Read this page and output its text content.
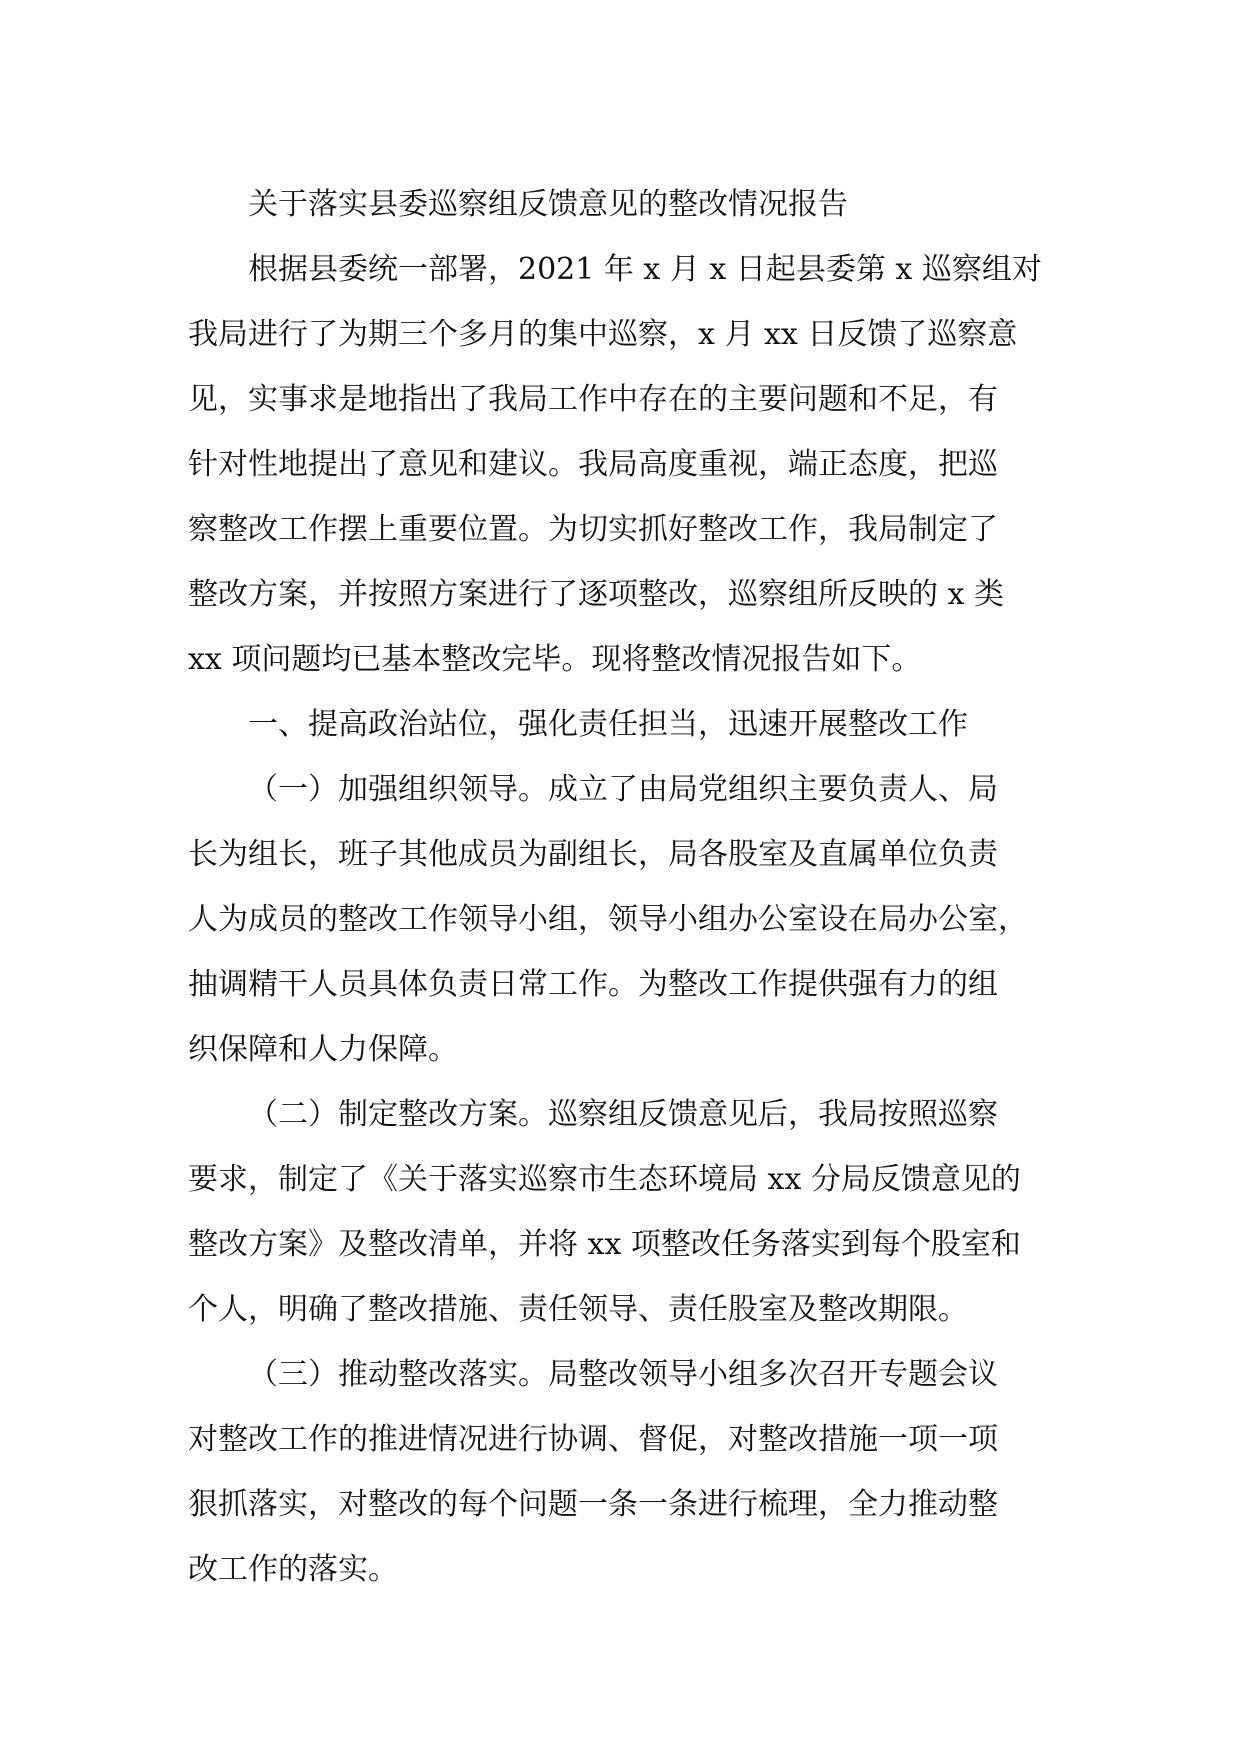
关于落实县委巡察组反馈意见的整改情况报告
根据县委统一部署，2021 年 x 月 x 日起县委第 x 巡察组对
我局进行了为期三个多月的集中巡察，x 月 xx 日反馈了巡察意
见，实事求是地指出了我局工作中存在的主要问题和不足，有
针对性地提出了意见和建议。我局高度重视，端正态度，把巡
察整改工作摆上重要位置。为切实抓好整改工作，我局制定了
整改方案，并按照方案进行了逐项整改，巡察组所反映的 x 类
xx 项问题均已基本整改完毕。现将整改情况报告如下。
一、提高政治站位，强化责任担当，迅速开展整改工作
（一）加强组织领导。成立了由局党组织主要负责人、局
长为组长，班子其他成员为副组长，局各股室及直属单位负责
人为成员的整改工作领导小组，领导小组办公室设在局办公室，
抽调精干人员具体负责日常工作。为整改工作提供强有力的组
织保障和人力保障。
（二）制定整改方案。巡察组反馈意见后，我局按照巡察
要求，制定了《关于落实巡察市生态环境局 xx 分局反馈意见的
整改方案》及整改清单，并将 xx 项整改任务落实到每个股室和
个人，明确了整改措施、责任领导、责任股室及整改期限。
（三）推动整改落实。局整改领导小组多次召开专题会议
对整改工作的推进情况进行协调、督促，对整改措施一项一项
狠抓落实，对整改的每个问题一条一条进行梳理，全力推动整
改工作的落实。
